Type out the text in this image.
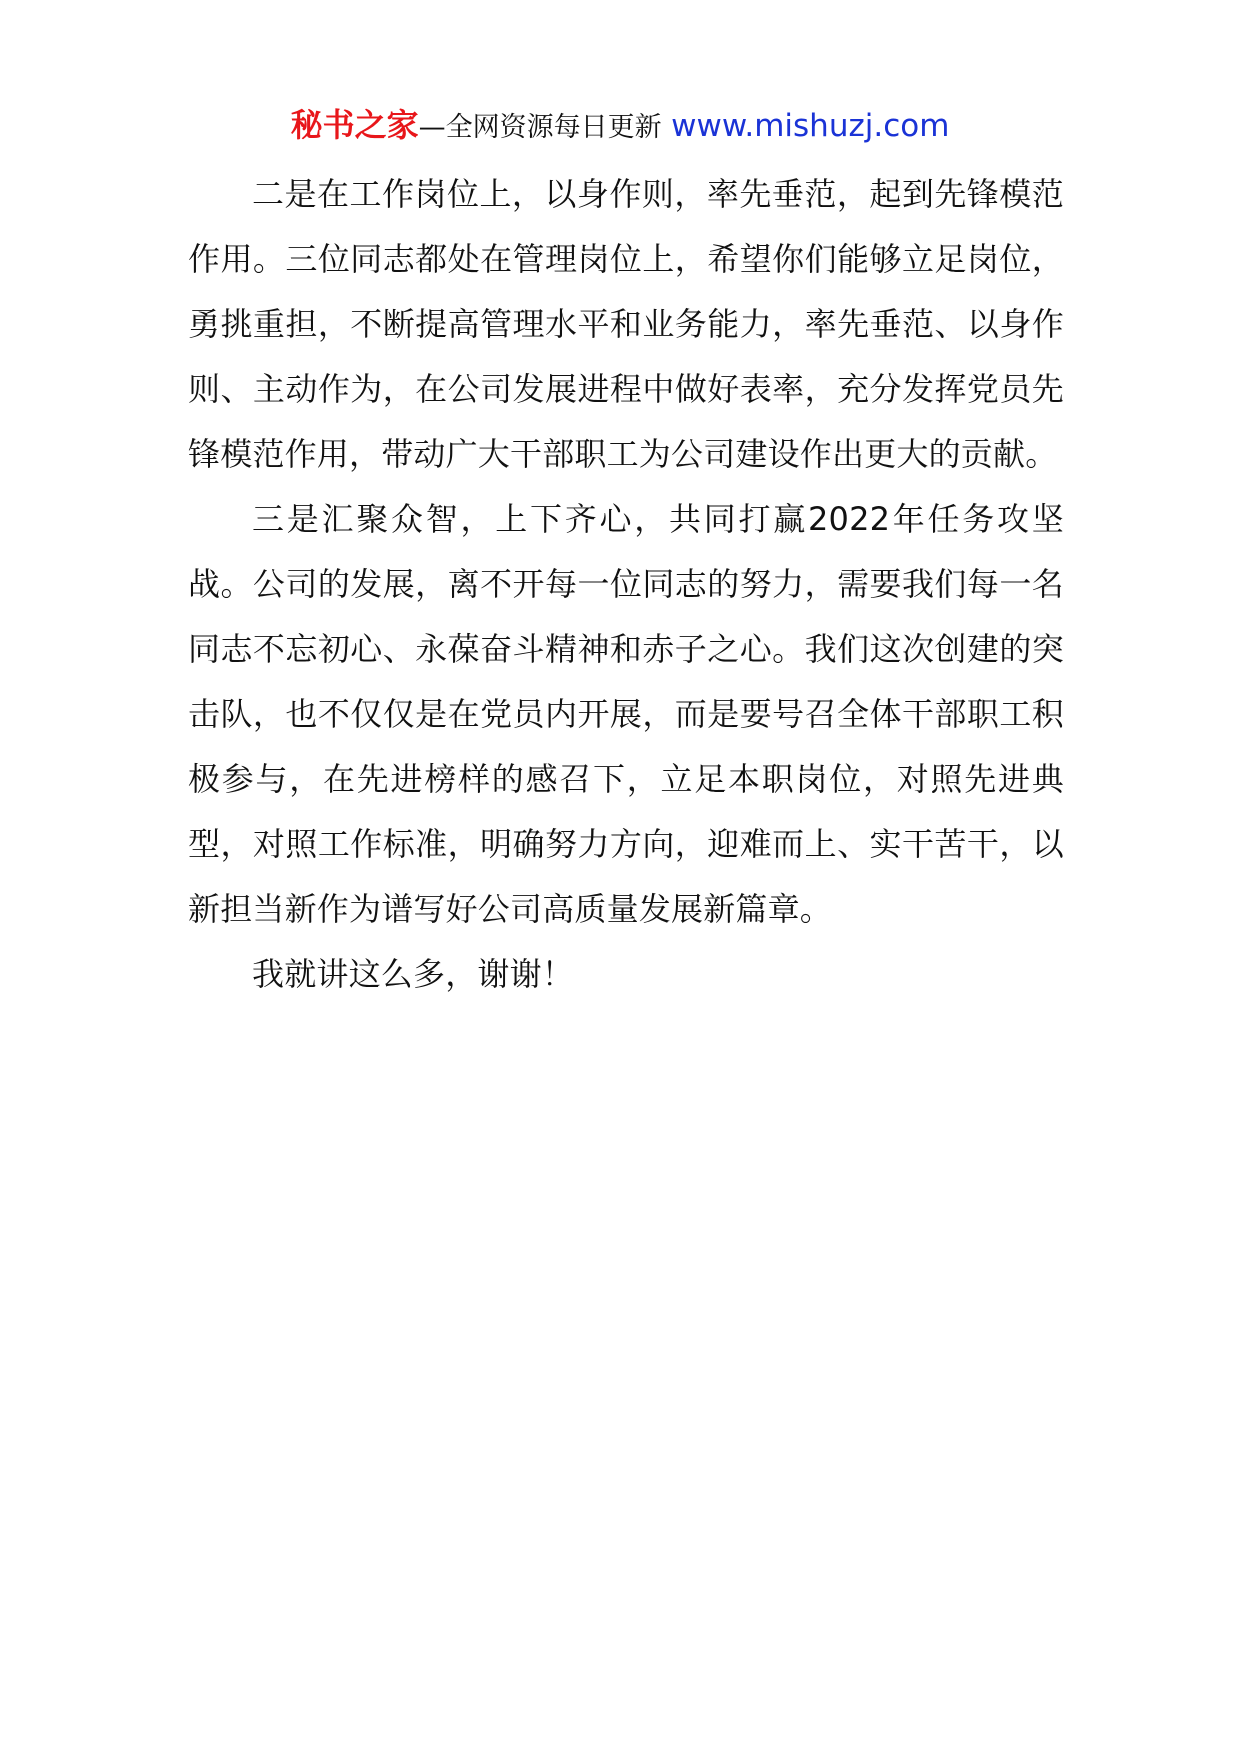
秘书之家—全网资源每日更新 www.mishuzj.com

二是在工作岗位上，以身作则，率先垂范，起到先锋模范作用。三位同志都处在管理岗位上，希望你们能够立足岗位，勇挑重担，不断提高管理水平和业务能力，率先垂范、以身作则、主动作为，在公司发展进程中做好表率，充分发挥党员先锋模范作用，带动广大干部职工为公司建设作出更大的贡献。

三是汇聚众智，上下齐心，共同打赢2022年任务攻坚战。公司的发展，离不开每一位同志的努力，需要我们每一名同志不忘初心、永葆奋斗精神和赤子之心。我们这次创建的突击队，也不仅仅是在党员内开展，而是要号召全体干部职工积极参与，在先进榜样的感召下，立足本职岗位，对照先进典型，对照工作标准，明确努力方向，迎难而上、实干苦干，以新担当新作为谱写好公司高质量发展新篇章。

我就讲这么多，谢谢！
